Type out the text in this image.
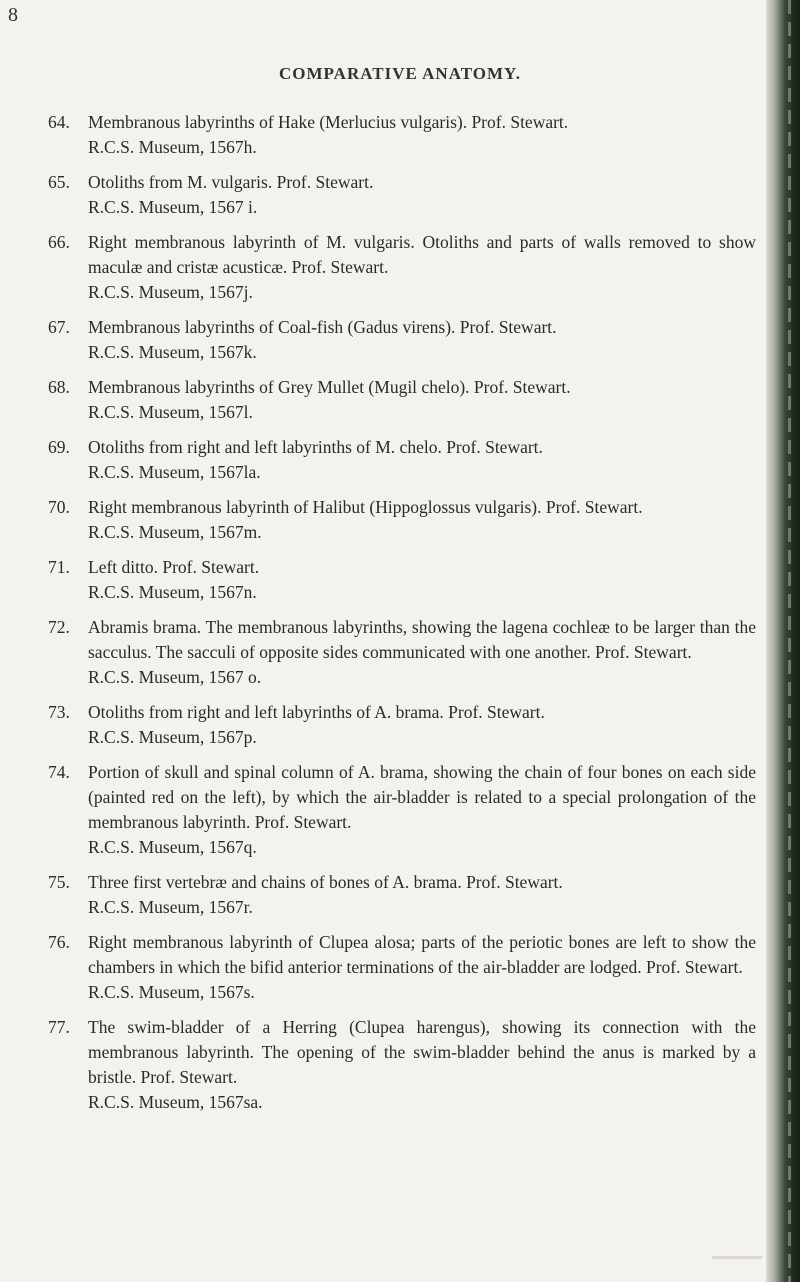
8
COMPARATIVE ANATOMY.
64. Membranous labyrinths of Hake (Merlucius vulgaris). Prof. Stewart.
R.C.S. Museum, 1567h.
65. Otoliths from M. vulgaris. Prof. Stewart.
R.C.S. Museum, 1567 i.
66. Right membranous labyrinth of M. vulgaris. Otoliths and parts of walls removed to show maculæ and cristæ acusticæ. Prof. Stewart.
R.C.S. Museum, 1567j.
67. Membranous labyrinths of Coal-fish (Gadus virens). Prof. Stewart.
R.C.S. Museum, 1567k.
68. Membranous labyrinths of Grey Mullet (Mugil chelo). Prof. Stewart.
R.C.S. Museum, 1567l.
69. Otoliths from right and left labyrinths of M. chelo. Prof. Stewart.
R.C.S. Museum, 1567la.
70. Right membranous labyrinth of Halibut (Hippoglossus vulgaris). Prof. Stewart.
R.C.S. Museum, 1567m.
71. Left ditto. Prof. Stewart.
R.C.S. Museum, 1567n.
72. Abramis brama. The membranous labyrinths, showing the lagena cochleæ to be larger than the sacculus. The sacculi of opposite sides communicated with one another. Prof. Stewart.
R.C.S. Museum, 1567 o.
73. Otoliths from right and left labyrinths of A. brama. Prof. Stewart.
R.C.S. Museum, 1567p.
74. Portion of skull and spinal column of A. brama, showing the chain of four bones on each side (painted red on the left), by which the air-bladder is related to a special prolongation of the membranous labyrinth. Prof. Stewart.
R.C.S. Museum, 1567q.
75. Three first vertebræ and chains of bones of A. brama. Prof. Stewart.
R.C.S. Museum, 1567r.
76. Right membranous labyrinth of Clupea alosa; parts of the periotic bones are left to show the chambers in which the bifid anterior terminations of the air-bladder are lodged. Prof. Stewart.
R.C.S. Museum, 1567s.
77. The swim-bladder of a Herring (Clupea harengus), showing its connection with the membranous labyrinth. The opening of the swim-bladder behind the anus is marked by a bristle. Prof. Stewart.
R.C.S. Museum, 1567sa.
